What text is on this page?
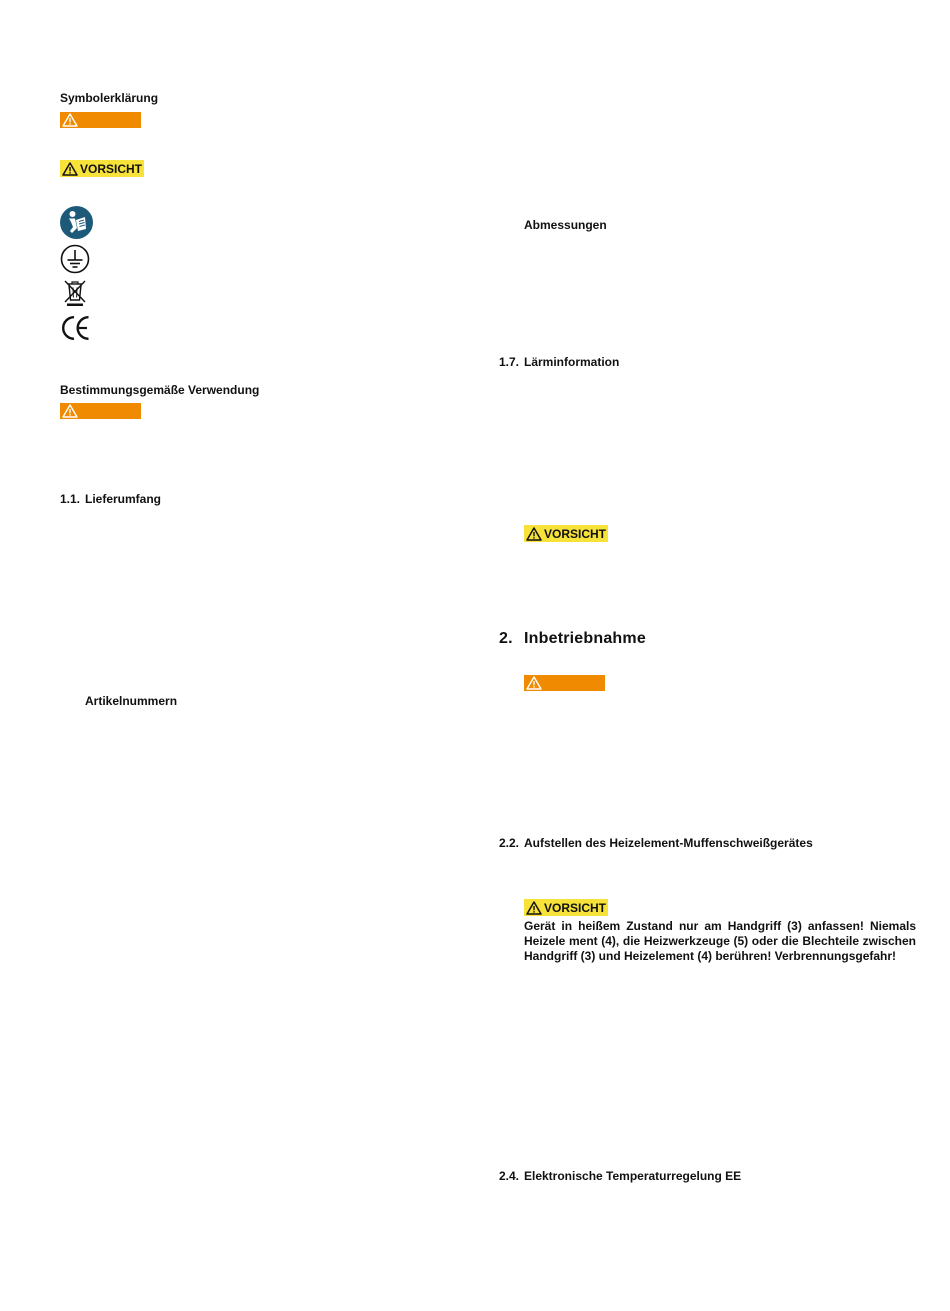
Symbolerklärung
VORSICHT
Bestimmungsgemäße Verwendung
1.1. Lieferumfang
Artikelnummern
Abmessungen
1.7. Lärminformation
VORSICHT
2. Inbetriebnahme
2.2. Aufstellen des Heizelement-Muffenschweißgerätes
VORSICHT
Gerät in heißem Zustand nur am Handgriff (3) anfassen! Niemals Heizele ment (4), die Heizwerkzeuge (5) oder die Blechteile zwischen Handgriff (3) und Heizelement (4) berühren! Verbrennungsgefahr!
2.4. Elektronische Temperaturregelung EE
